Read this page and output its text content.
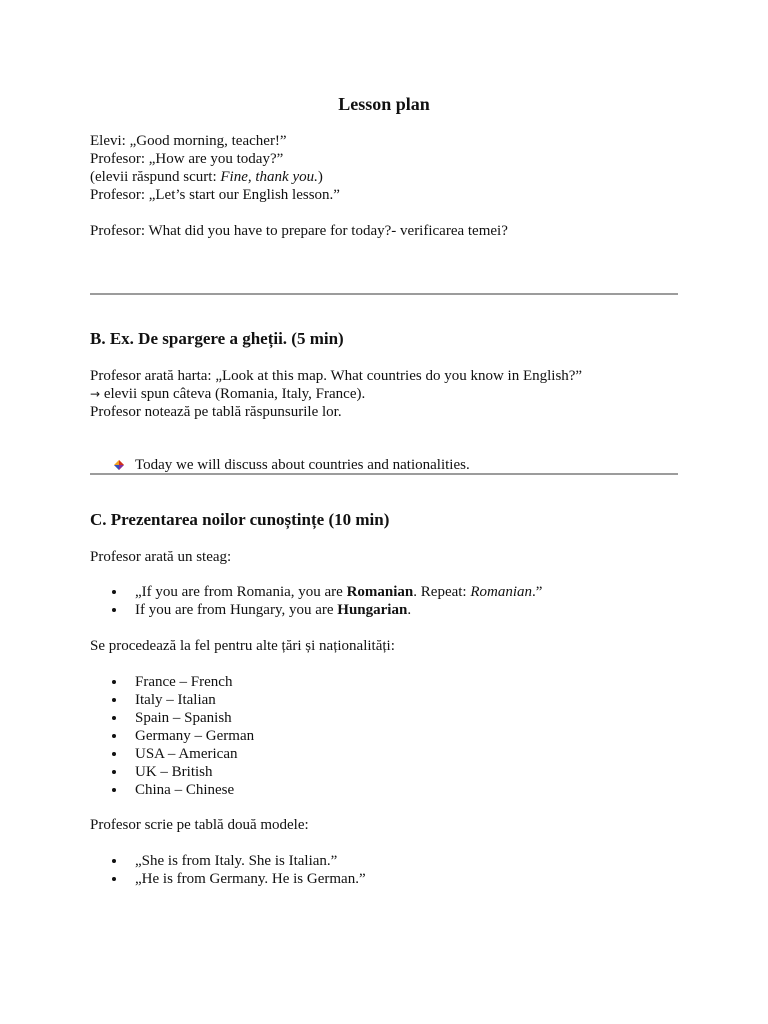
Lesson plan
Elevi: „Good morning, teacher!”
Profesor: „How are you today?”
(elevii răspund scurt: Fine, thank you.)
Profesor: „Let’s start our English lesson.”
Profesor: What did you have to prepare for today?- verificarea temei?
B. Ex. De spargere a gheții. (5 min)
Profesor arată harta: „Look at this map. What countries do you know in English?”
→ elevii spun câteva (Romania, Italy, France).
Profesor notează pe tablă răspunsurile lor.
Today we will discuss about countries and nationalities.
C. Prezentarea noilor cunoștințe (10 min)
Profesor arată un steag:
„If you are from Romania, you are Romanian. Repeat: Romanian.”
If you are from Hungary, you are Hungarian.
Se procedează la fel pentru alte țări și naționalități:
France – French
Italy – Italian
Spain – Spanish
Germany – German
USA – American
UK – British
China – Chinese
Profesor scrie pe tablă două modele:
„She is from Italy. She is Italian.”
„He is from Germany. He is German.”
